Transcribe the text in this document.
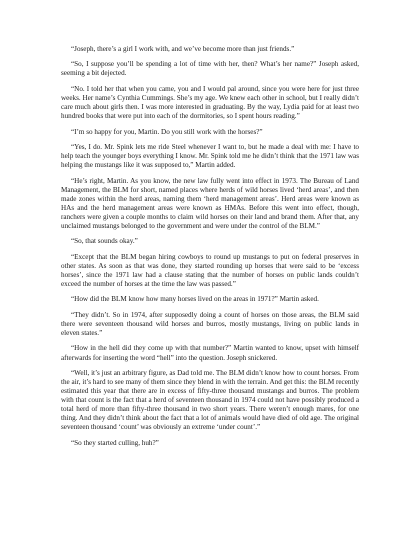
“Joseph, there’s a girl I work with, and we’ve become more than just friends.”

“So, I suppose you’ll be spending a lot of time with her, then? What’s her name?” Joseph asked, seeming a bit dejected.

“No. I told her that when you came, you and I would pal around, since you were here for just three weeks. Her name’s Cynthia Cummings. She’s my age. We knew each other in school, but I really didn’t care much about girls then. I was more interested in graduating. By the way, Lydia paid for at least two hundred books that were put into each of the dormitories, so I spent hours reading.”

“I’m so happy for you, Martin. Do you still work with the horses?”

“Yes, I do. Mr. Spink lets me ride Steel whenever I want to, but he made a deal with me: I have to help teach the younger boys everything I know. Mr. Spink told me he didn’t think that the 1971 law was helping the mustangs like it was supposed to,” Martin added.

“He’s right, Martin. As you know, the new law fully went into effect in 1973. The Bureau of Land Management, the BLM for short, named places where herds of wild horses lived ‘herd areas’, and then made zones within the herd areas, naming them ‘herd management areas’. Herd areas were known as HAs and the herd management areas were known as HMAs. Before this went into effect, though, ranchers were given a couple months to claim wild horses on their land and brand them. After that, any unclaimed mustangs belonged to the government and were under the control of the BLM.”

“So, that sounds okay.”

“Except that the BLM began hiring cowboys to round up mustangs to put on federal preserves in other states. As soon as that was done, they started rounding up horses that were said to be ‘excess horses’, since the 1971 law had a clause stating that the number of horses on public lands couldn’t exceed the number of horses at the time the law was passed.”

“How did the BLM know how many horses lived on the areas in 1971?” Martin asked.

“They didn’t. So in 1974, after supposedly doing a count of horses on those areas, the BLM said there were seventeen thousand wild horses and burros, mostly mustangs, living on public lands in eleven states.”

“How in the hell did they come up with that number?” Martin wanted to know, upset with himself afterwards for inserting the word “hell” into the question. Joseph snickered.

“Well, it’s just an arbitrary figure, as Dad told me. The BLM didn’t know how to count horses. From the air, it’s hard to see many of them since they blend in with the terrain. And get this: the BLM recently estimated this year that there are in excess of fifty-three thousand mustangs and burros. The problem with that count is the fact that a herd of seventeen thousand in 1974 could not have possibly produced a total herd of more than fifty-three thousand in two short years. There weren’t enough mares, for one thing. And they didn’t think about the fact that a lot of animals would have died of old age. The original seventeen thousand ‘count’ was obviously an extreme ‘under count’.”

“So they started culling, huh?”
